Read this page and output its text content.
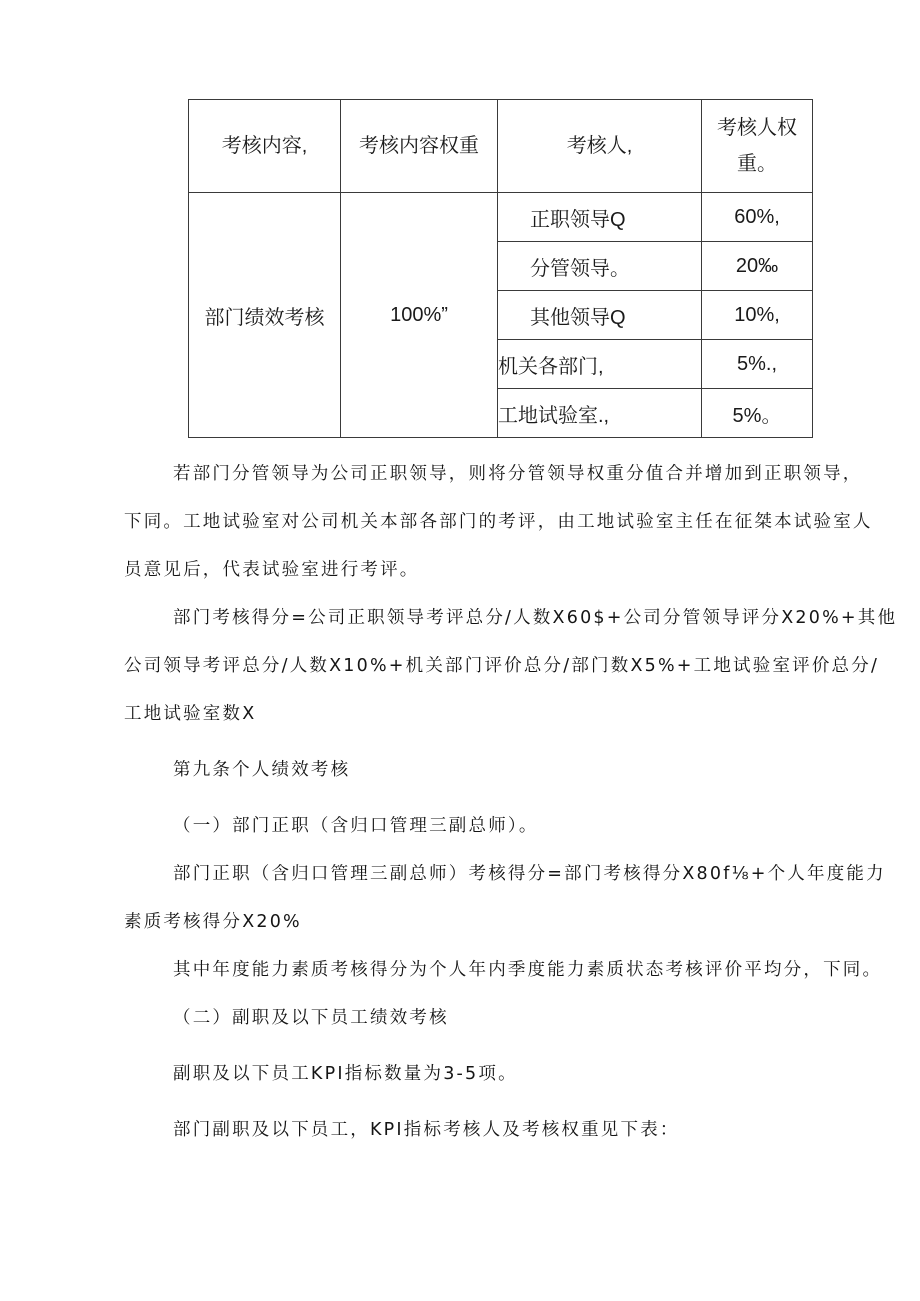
考核内容,	考核内容权重	考核人,	考核人权重。
部门绩效考核	100%”	正职领导Q	60%,
		分管领导。	20‰
		其他领导Q	10%,
		机关各部门,	5%.,
		工地试验室.,	5%。

若部门分管领导为公司正职领导，则将分管领导权重分值合并增加到正职领导，

下同。工地试验室对公司机关本部各部门的考评，由工地试验室主任在征桀本试验室人

员意见后，代表试验室进行考评。

部门考核得分=公司正职领导考评总分/人数X60$+公司分管领导评分X20%+其他

公司领导考评总分/人数X10%+机关部门评价总分/部门数X5%+工地试验室评价总分/

工地试验室数X

第九条个人绩效考核

（一）部门正职（含归口管理三副总师）。

部门正职（含归口管理三副总师）考核得分=部门考核得分X80f⅛+个人年度能力

素质考核得分X20%

其中年度能力素质考核得分为个人年内季度能力素质状态考核评价平均分，下同。

（二）副职及以下员工绩效考核

副职及以下员工KPI指标数量为3-5项。

部门副职及以下员工，KPI指标考核人及考核权重见下表：
